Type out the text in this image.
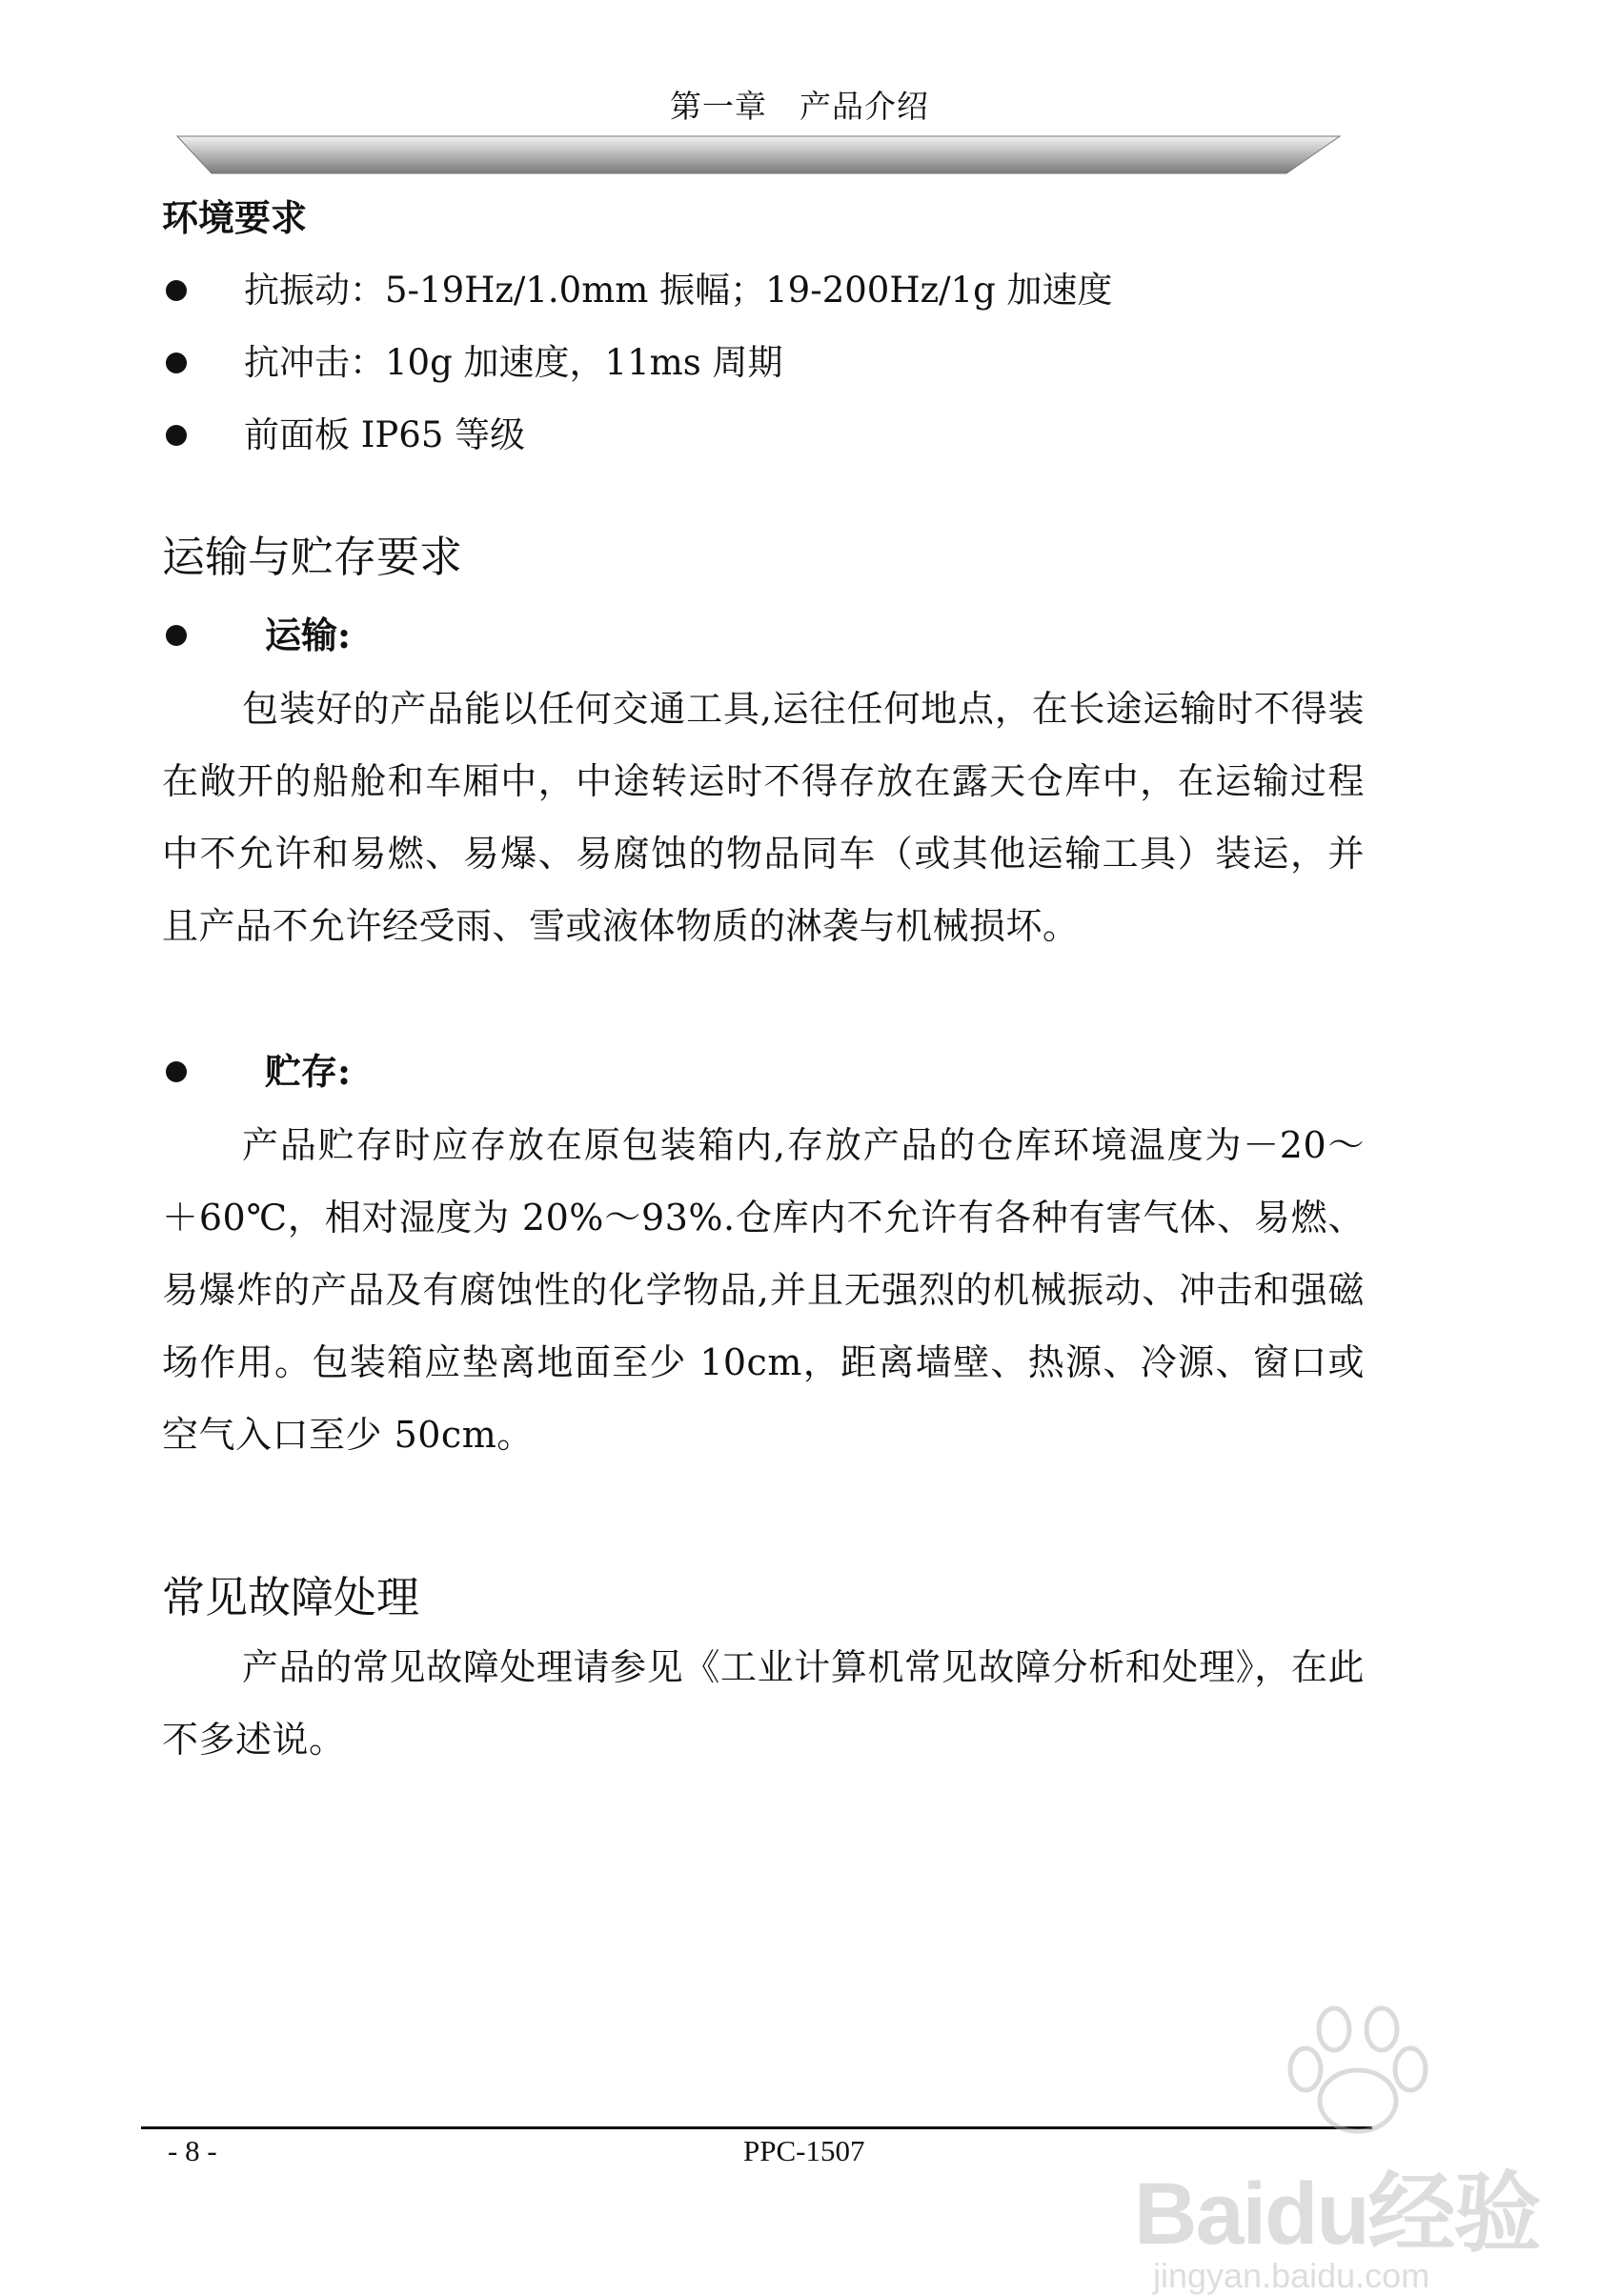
第一章　产品介绍
环境要求
抗振动：5-19Hz/1.0mm 振幅；19-200Hz/1g 加速度
抗冲击：10g 加速度，11ms 周期
前面板 IP65 等级
运输与贮存要求
运输:

包装好的产品能以任何交通工具,运往任何地点，在长途运输时不得装在敞开的船舱和车厢中，中途转运时不得存放在露天仓库中，在运输过程中不允许和易燃、易爆、易腐蚀的物品同车（或其他运输工具）装运，并且产品不允许经受雨、雪或液体物质的淋袭与机械损坏。

贮存:

产品贮存时应存放在原包装箱内,存放产品的仓库环境温度为－20～＋60℃，相对湿度为 20%～93%.仓库内不允许有各种有害气体、易燃、易爆炸的产品及有腐蚀性的化学物品,并且无强烈的机械振动、冲击和强磁场作用。包装箱应垫离地面至少 10cm，距离墙壁、热源、冷源、窗口或空气入口至少 50cm。

常见故障处理

产品的常见故障处理请参见《工业计算机常见故障分析和处理》，在此不多述说。

- 8 -	PPC-1507
Baidu经验
jingyan.baidu.com
